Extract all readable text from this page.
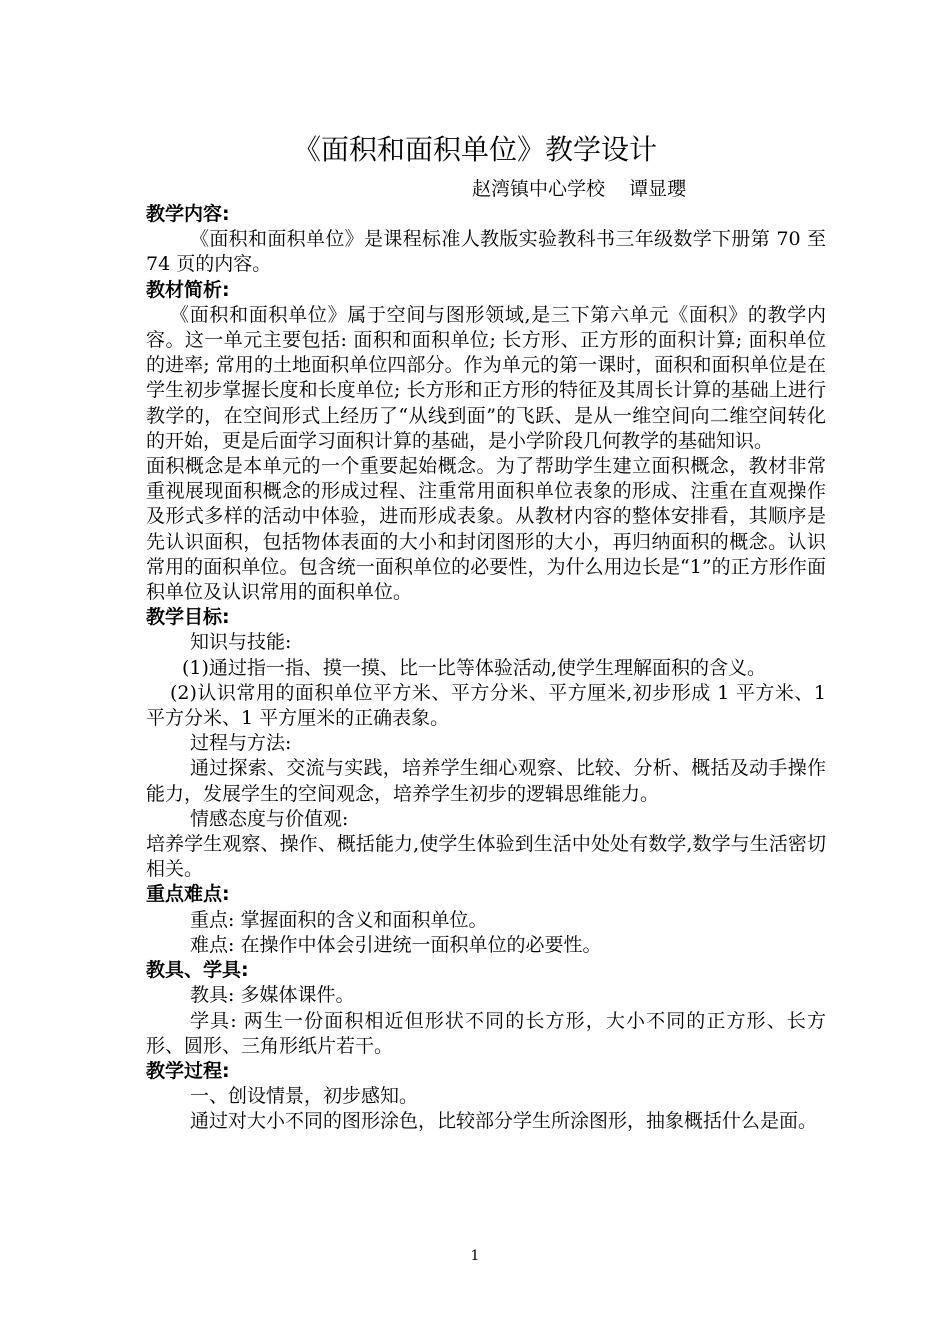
《面积和面积单位》教学设计
赵湾镇中心学校    谭显瓔

教学内容:

《面积和面积单位》是课程标准人教版实验教科书三年级数学下册第 70 至 74 页的内容。

教材简析:

《面积和面积单位》属于空间与图形领域,是三下第六单元《面积》的教学内容。这一单元主要包括: 面积和面积单位; 长方形、正方形的面积计算; 面积单位的进率; 常用的土地面积单位四部分。作为单元的第一课时，面积和面积单位是在学生初步掌握长度和长度单位; 长方形和正方形的特征及其周长计算的基础上进行教学的，在空间形式上经历了“从线到面”的飞跃、是从一维空间向二维空间转化的开始，更是后面学习面积计算的基础，是小学阶段几何教学的基础知识。

面积概念是本单元的一个重要起始概念。为了帮助学生建立面积概念，教材非常重视展现面积概念的形成过程、注重常用面积单位表象的形成、注重在直观操作及形式多样的活动中体验，进而形成表象。从教材内容的整体安排看，其顺序是先认识面积，包括物体表面的大小和封闭图形的大小，再归纳面积的概念。认识常用的面积单位。包含统一面积单位的必要性，为什么用边长是“1”的正方形作面积单位及认识常用的面积单位。

教学目标:

知识与技能:

(1)通过指一指、摸一摸、比一比等体验活动,使学生理解面积的含义。

(2)认识常用的面积单位平方米、平方分米、平方厘米,初步形成 1 平方米、1 平方分米、1 平方厘米的正确表象。

过程与方法:

通过探索、交流与实践，培养学生细心观察、比较、分析、概括及动手操作能力，发展学生的空间观念，培养学生初步的逻辑思维能力。

情感态度与价值观:

培养学生观察、操作、概括能力,使学生体验到生活中处处有数学,数学与生活密切相关。

重点难点:

重点: 掌握面积的含义和面积单位。

难点: 在操作中体会引进统一面积单位的必要性。

教具、学具:

教具: 多媒体课件。

学具: 两生一份面积相近但形状不同的长方形，大小不同的正方形、长方形、圆形、三角形纸片若干。

教学过程:

一、创设情景，初步感知。

通过对大小不同的图形涂色，比较部分学生所涂图形，抽象概括什么是面。

1
